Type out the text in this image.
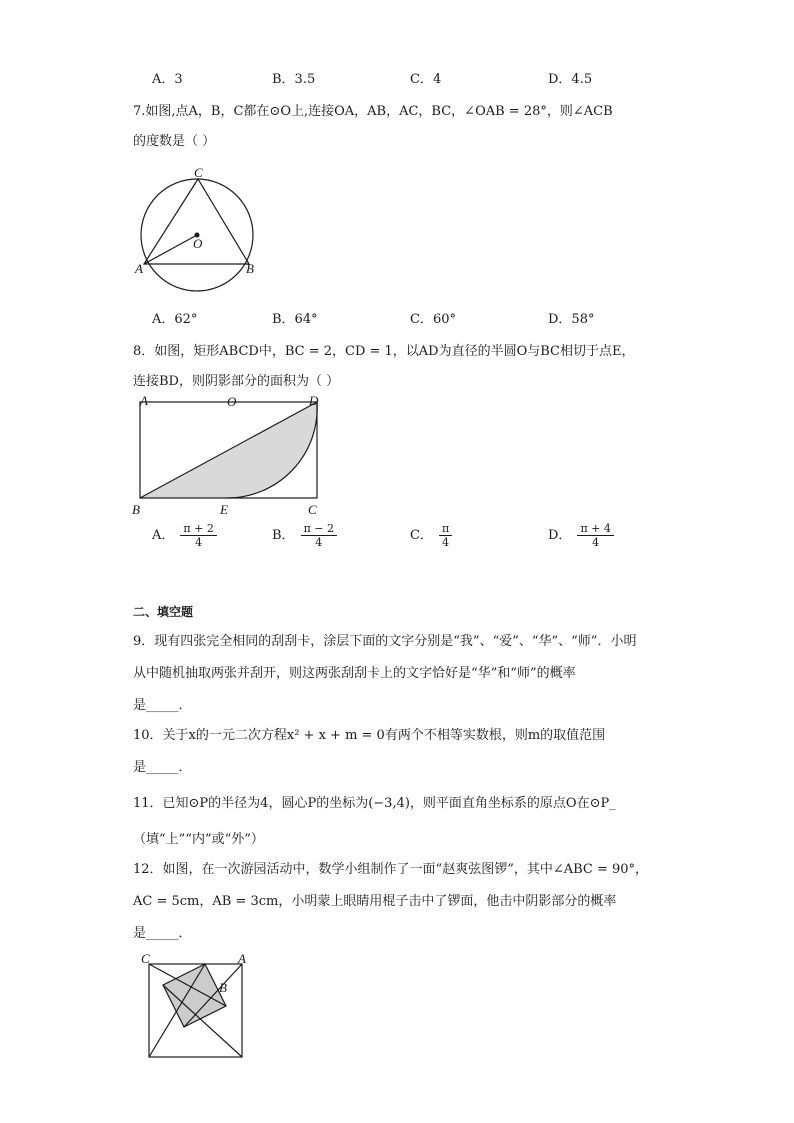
A．3	B．3.5	C．4	D．4.5
7.如图,点A，B，C都在⊙O上,连接OA，AB，AC，BC，∠OAB = 28°，则∠ACB
的度数是（ ）
C
O
A	B
A．62°	B．64°	C．60°	D．58°
8．如图，矩形ABCD中，BC = 2，CD = 1，以AD为直径的半圆O与BC相切于点E，
连接BD，则阴影部分的面积为（ ）
A	O	D
B	E	C
A． $\frac{\pi + 2}{4}$	B． $\frac{\pi - 2}{4}$	C． $\frac{\pi}{4}$	D． $\frac{\pi + 4}{4}$
二、填空题
9．现有四张完全相同的刮刮卡，涂层下面的文字分别是“我”、“爱”、“华”、“师”．小明
从中随机抽取两张并刮开，则这两张刮刮卡上的文字恰好是“华”和“师”的概率
是_____．
10．关于x的一元二次方程x² + x + m = 0有两个不相等实数根，则m的取值范围
是_____．
11．已知⊙P的半径为4，圆心P的坐标为(−3,4)，则平面直角坐标系的原点O在⊙P_
（填“上”“内”或“外”）
12．如图，在一次游园活动中，数学小组制作了一面“赵爽弦图锣”，其中∠ABC = 90°，
AC = 5cm，AB = 3cm，小明蒙上眼睛用棍子击中了锣面，他击中阴影部分的概率
是_____．
C	A
B
